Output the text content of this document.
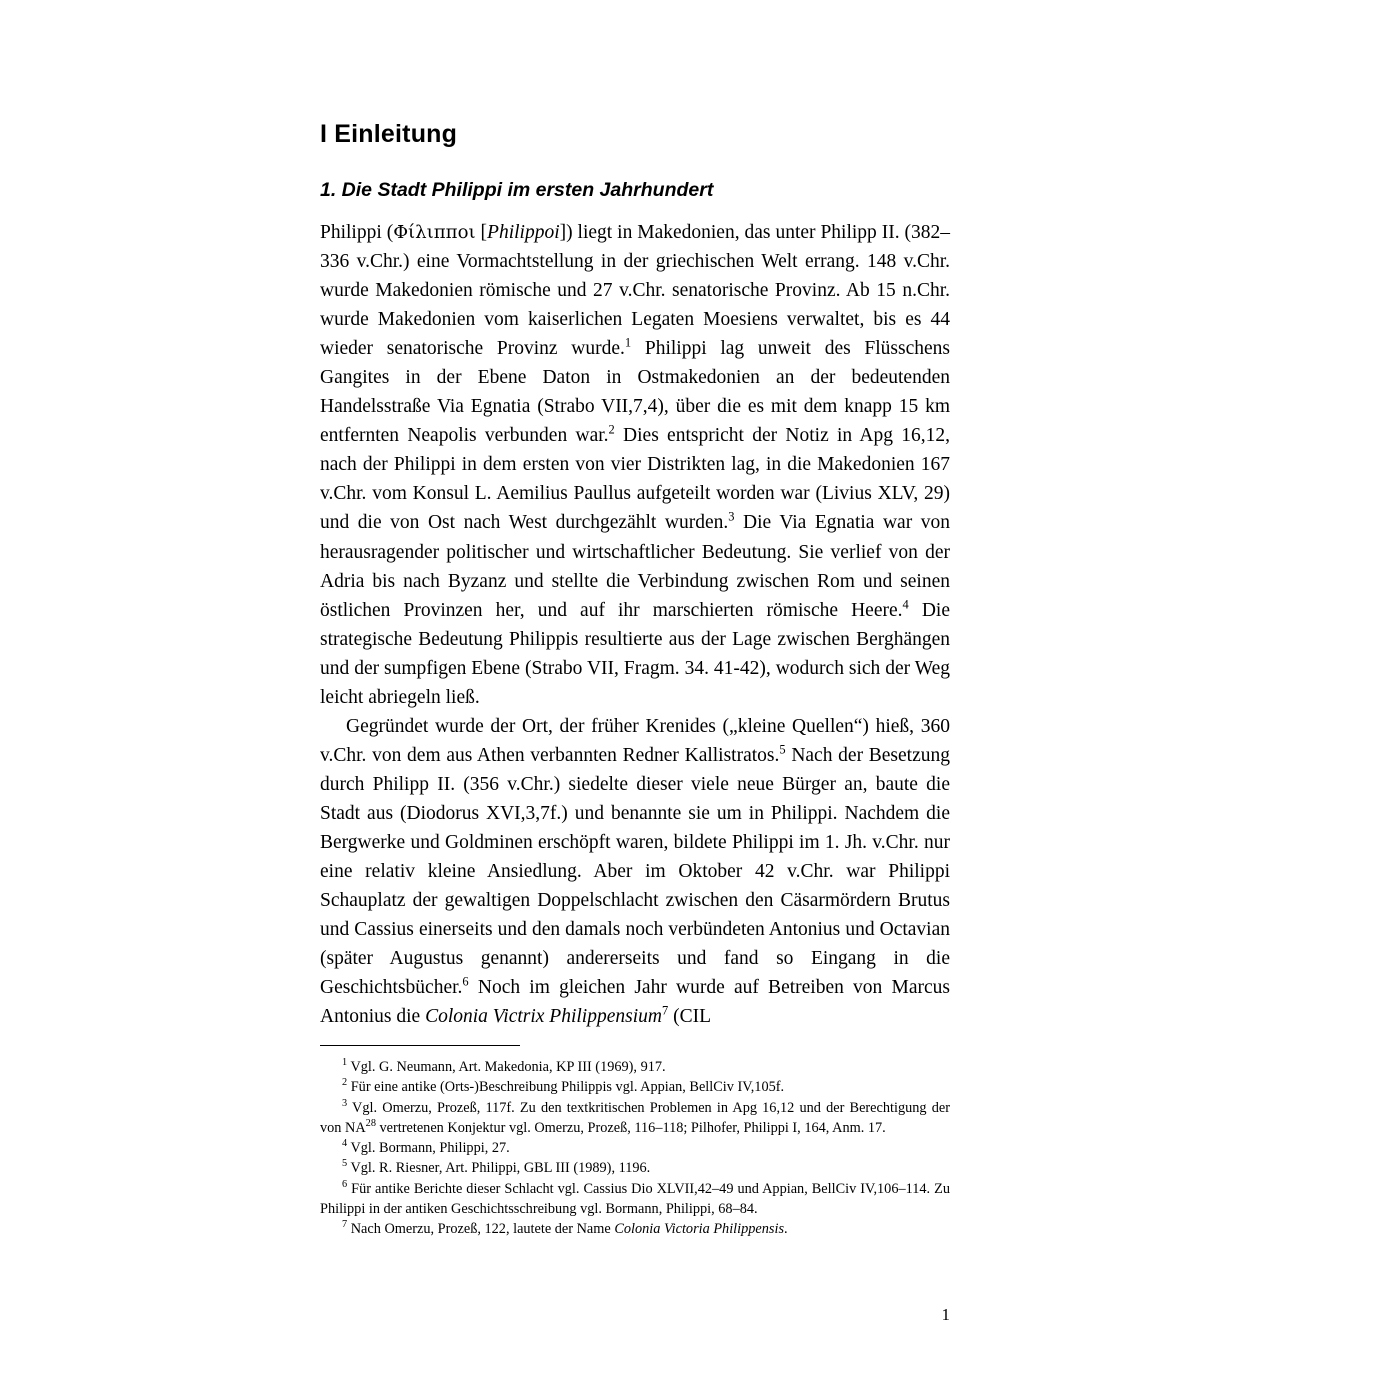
I Einleitung
1. Die Stadt Philippi im ersten Jahrhundert

Philippi (Φίλιπποι [Philippoi]) liegt in Makedonien, das unter Philipp II. (382–336 v.Chr.) eine Vormachtstellung in der griechischen Welt errang. 148 v.Chr. wurde Makedonien römische und 27 v.Chr. senatorische Provinz. Ab 15 n.Chr. wurde Makedonien vom kaiserlichen Legaten Moesiens verwaltet, bis es 44 wieder senatorische Provinz wurde.$^1$ Philippi lag unweit des Flüsschens Gangites in der Ebene Daton in Ostmakedonien an der bedeutenden Handelsstraße Via Egnatia (Strabo VII,7,4), über die es mit dem knapp 15 km entfernten Neapolis verbunden war.$^2$ Dies entspricht der Notiz in Apg 16,12, nach der Philippi in dem ersten von vier Distrikten lag, in die Makedonien 167 v.Chr. vom Konsul L. Aemilius Paullus aufgeteilt worden war (Livius XLV, 29) und die von Ost nach West durchgezählt wurden.$^3$ Die Via Egnatia war von herausragender politischer und wirtschaftlicher Bedeutung. Sie verlief von der Adria bis nach Byzanz und stellte die Verbindung zwischen Rom und seinen östlichen Provinzen her, und auf ihr marschierten römische Heere.$^4$ Die strategische Bedeutung Philippis resultierte aus der Lage zwischen Berghängen und der sumpfigen Ebene (Strabo VII, Fragm. 34. 41-42), wodurch sich der Weg leicht abriegeln ließ.

Gegründet wurde der Ort, der früher Krenides („kleine Quellen“) hieß, 360 v.Chr. von dem aus Athen verbannten Redner Kallistratos.$^5$ Nach der Besetzung durch Philipp II. (356 v.Chr.) siedelte dieser viele neue Bürger an, baute die Stadt aus (Diodorus XVI,3,7f.) und benannte sie um in Philippi. Nachdem die Bergwerke und Goldminen erschöpft waren, bildete Philippi im 1. Jh. v.Chr. nur eine relativ kleine Ansiedlung. Aber im Oktober 42 v.Chr. war Philippi Schauplatz der gewaltigen Doppelschlacht zwischen den Cäsarmördern Brutus und Cassius einerseits und den damals noch verbündeten Antonius und Octavian (später Augustus genannt) andererseits und fand so Eingang in die Geschichtsbücher.$^6$ Noch im gleichen Jahr wurde auf Betreiben von Marcus Antonius die Colonia Victrix Philippensium$^7$ (CIL

$^1$ Vgl. G. Neumann, Art. Makedonia, KP III (1969), 917.

$^2$ Für eine antike (Orts-)Beschreibung Philippis vgl. Appian, BellCiv IV,105f.

$^3$ Vgl. Omerzu, Prozeß, 117f. Zu den textkritischen Problemen in Apg 16,12 und der Berechtigung der von NA$^{28}$ vertretenen Konjektur vgl. Omerzu, Prozeß, 116–118; Pilhofer, Philippi I, 164, Anm. 17.

$^4$ Vgl. Bormann, Philippi, 27.

$^5$ Vgl. R. Riesner, Art. Philippi, GBL III (1989), 1196.

$^6$ Für antike Berichte dieser Schlacht vgl. Cassius Dio XLVII,42–49 und Appian, BellCiv IV,106–114. Zu Philippi in der antiken Geschichtsschreibung vgl. Bormann, Philippi, 68–84.

$^7$ Nach Omerzu, Prozeß, 122, lautete der Name Colonia Victoria Philippensis.

1
